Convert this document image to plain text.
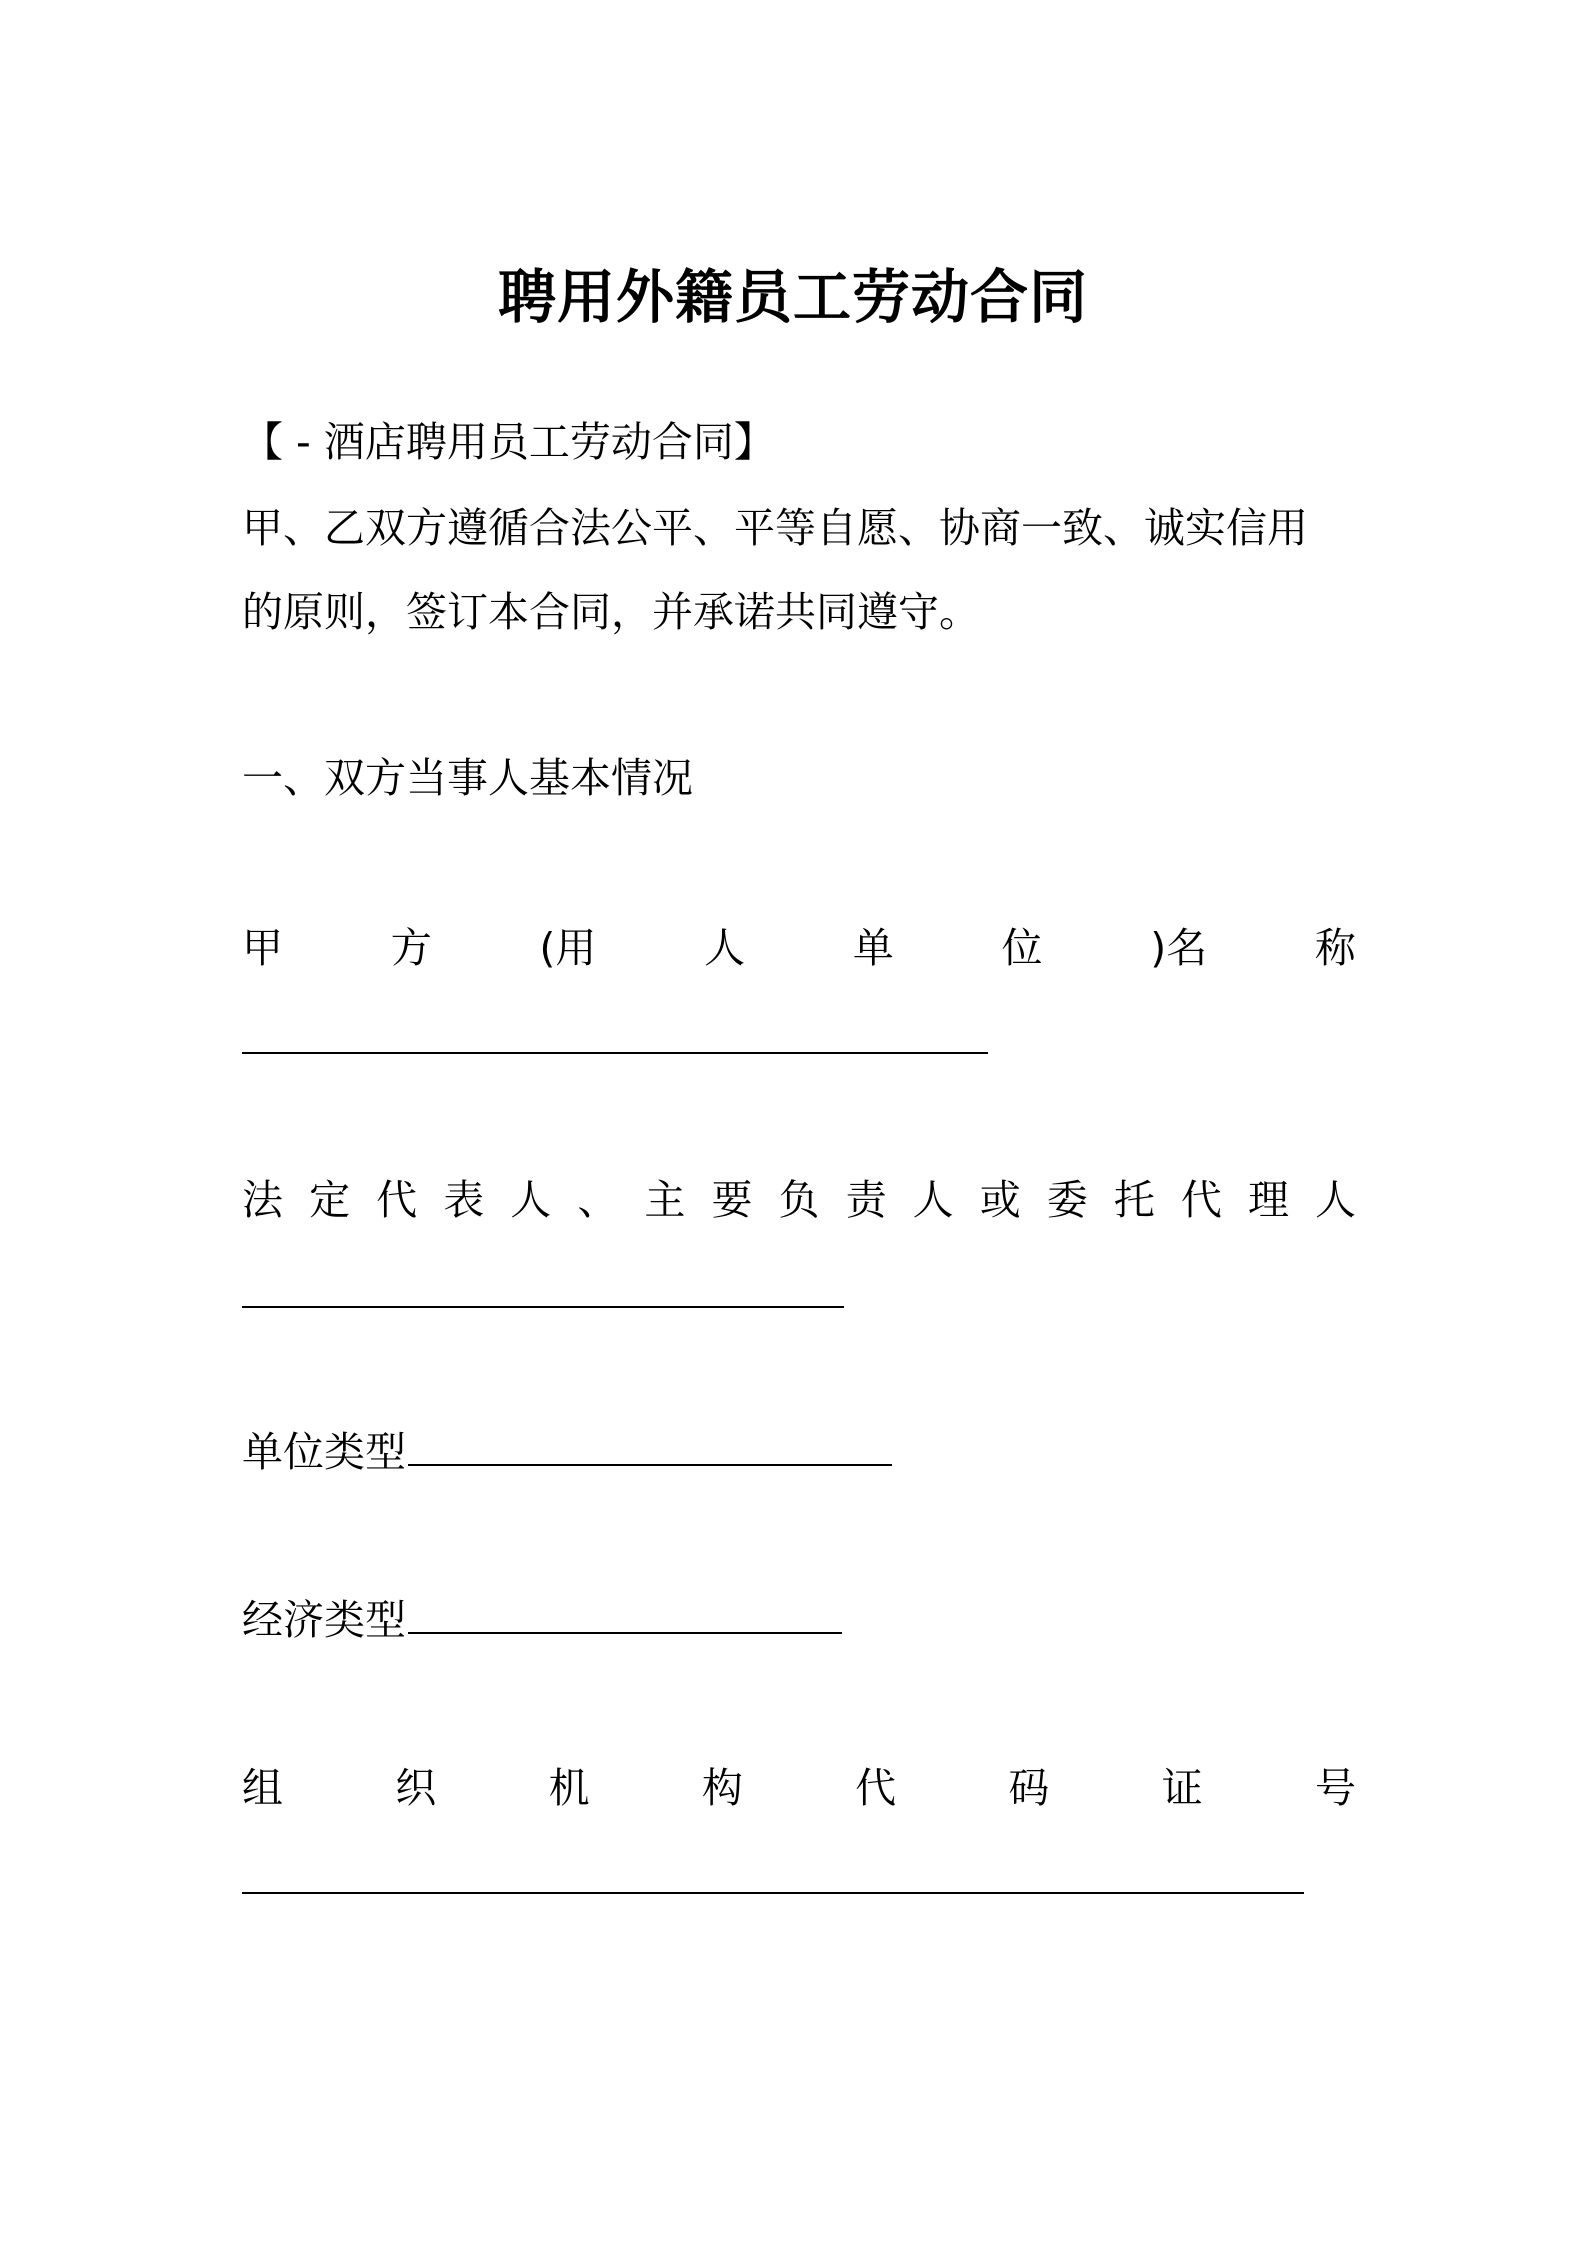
聘用外籍员工劳动合同
【 - 酒店聘用员工劳动合同】
甲、乙双方遵循合法公平、平等自愿、协商一致、诚实信用
的原则，签订本合同，并承诺共同遵守。
一、双方当事人基本情况
甲	方	(用	人	单	位	)名	称
法 定 代 表 人 、 主 要 负 责 人 或 委 托 代 理 人
单位类型
经济类型
组	织	机	构	代	码	证	号
